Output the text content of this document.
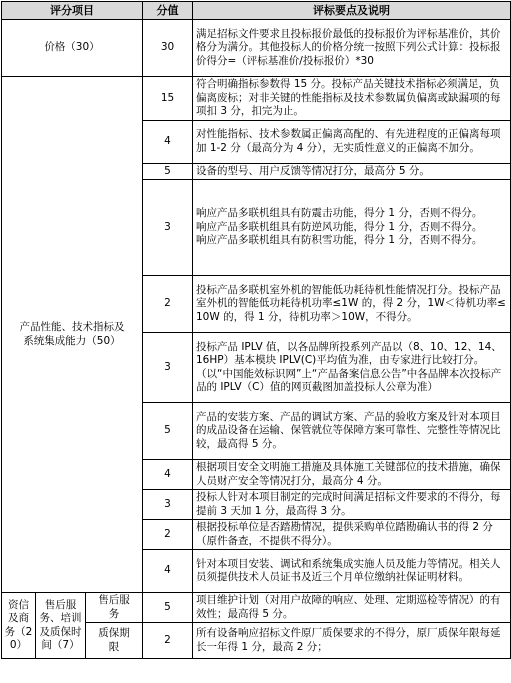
评分项目			分值	评标要点及说明
价格（30）			30	满足招标文件要求且投标报价最低的投标报价为评标基准价，其价格分为满分。其他投标人的价格分统一按照下列公式计算：投标报价得分=（评标基准价/投标报价）*30
产品性能、技术指标及系统集成能力（50）			15	符合明确指标参数得 15 分。投标产品关键技术指标必须满足，负偏离废标；对非关键的性能指标及技术参数属负偏离或缺漏项的每项扣 3 分，扣完为止。
			4	对性能指标、技术参数属正偏离高配的、有先进程度的正偏离每项加 1-2 分（最高分为 4 分），无实质性意义的正偏离不加分。
			5	设备的型号、用户反馈等情况打分，最高分 5 分。
			3	响应产品多联机组具有防震击功能，得分 1 分，否则不得分。
响应产品多联机组具有防逆风功能，得分 1 分，否则不得分。
响应产品多联机组具有防积雪功能，得分 1 分，否则不得分。

			2	投标产品多联机室外机的智能低功耗待机性能情况打分。投标产品室外机的智能低功耗待机功率≤1W 的，得 2 分，1W＜待机功率≤10W 的，得 1 分，待机功率＞10W，不得分。
			3	投标产品 IPLV 值，以各品牌所投系列产品以（8、10、12、14、16HP）基本模块 IPLV(C)平均值为准，由专家进行比较打分。（以“中国能效标识网”上“产品备案信息公告”中各品牌本次投标产品的 IPLV（C）值的网页截图加盖投标人公章为准）
			5	产品的安装方案、产品的调试方案、产品的验收方案及针对本项目的成品设备在运输、保管就位等保障方案可靠性、完整性等情况比较，最高得 5 分。
			4	根据项目安全文明施工措施及具体施工关键部位的技术措施，确保人员财产安全等情况打分，最高分 4 分。
			3	投标人针对本项目制定的完成时间满足招标文件要求的不得分，每提前 3 天加 1 分，最高得 3 分。
			2	根据投标单位是否踏勘情况，提供采购单位踏勘确认书的得 2 分（原件备查，不提供不得分）。
			4	针对本项目安装、调试和系统集成实施人员及能力等情况。相关人员须提供技术人员证书及近三个月单位缴纳社保证明材料。
资信及商务（20）	售后服务、培训及质保时间（7）	售后服务	5	项目维护计划（对用户故障的响应、处理、定期巡检等情况）的有效性；最高得 5 分。
		质保期限	2	所有设备响应招标文件原厂质保要求的不得分，原厂质保年限每延长一年得 1 分，最高 2 分；
